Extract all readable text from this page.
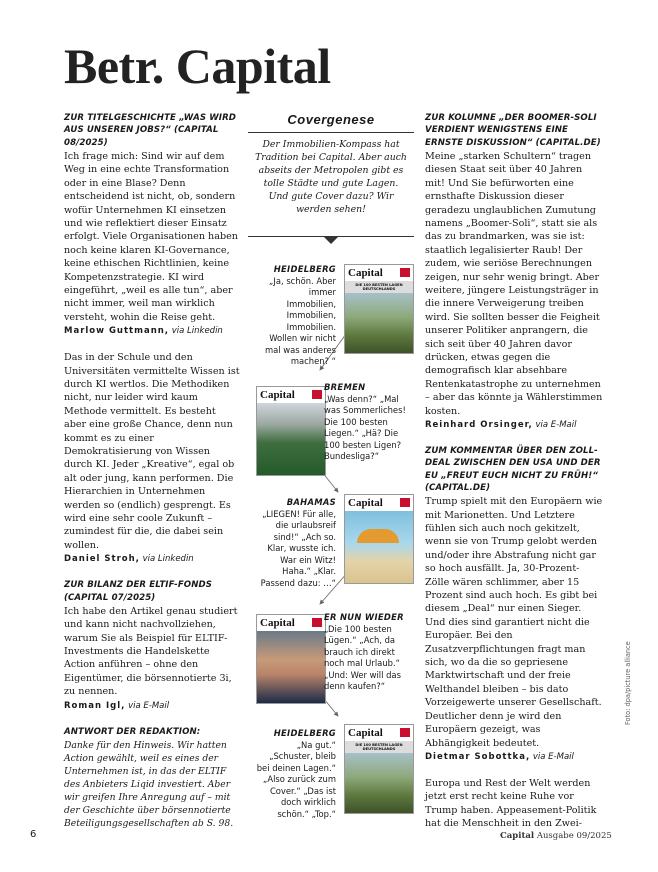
Betr. Capital

ZUR TITELGESCHICHTE „WAS WIRD AUS UNSEREN JOBS?“ (CAPITAL 08/2025)

Ich frage mich: Sind wir auf dem Weg in eine echte Transformation oder in eine Blase? Denn entscheidend ist nicht, ob, sondern wofür Unternehmen KI einsetzen und wie reflektiert dieser Einsatz erfolgt. Viele Organisationen haben noch keine klaren KI-Governance, keine ethischen Richtlinien, keine Kompetenzstrategie. KI wird eingeführt, „weil es alle tun“, aber nicht immer, weil man wirklich versteht, wohin die Reise geht.

Marlow Guttmann, via Linkedin

Das in der Schule und den Universitäten vermittelte Wissen ist durch KI wertlos. Die Methodiken nicht, nur leider wird kaum Methode vermittelt. Es besteht aber eine große Chance, denn nun kommt es zu einer Demokratisierung von Wissen durch KI. Jeder „Kreative“, egal ob alt oder jung, kann performen. Die Hierarchien in Unternehmen werden so (endlich) gesprengt. Es wird eine sehr coole Zukunft – zumindest für die, die dabei sein wollen.

Daniel Stroh, via Linkedin

ZUR BILANZ DER ELTIF-FONDS (CAPITAL 07/2025)

Ich habe den Artikel genau studiert und kann nicht nachvollziehen, warum Sie als Beispiel für ELTIF-Investments die Handelskette Action anführen – ohne den Eigentümer, die börsennotierte 3i, zu nennen.

Roman Igl, via E-Mail

ANTWORT DER REDAKTION:

Danke für den Hinweis. Wir hatten Action gewählt, weil es eines der Unternehmen ist, in das der ELTIF des Anbieters Liqid investiert. Aber wir greifen Ihre Anregung auf – mit der Geschichte über börsennotierte Beteiligungsgesellschaften ab S. 98.

Covergenese

Der Immobilien-Kompass hat Tradition bei Capital. Aber auch abseits der Metropolen gibt es tolle Städte und gute Lagen. Und gute Cover dazu? Wir werden sehen!

HEIDELBERG
„Ja, schön. Aber immer Immobilien, Immobilien, Immobilien. Wollen wir nicht mal was anderes machen? “
Capital
DIE 100 BESTEN LAGEN DEUTSCHLANDS
Capital
BREMEN
„Was denn?“ „Mal was Sommerliches! Die 100 besten Liegen.“ „Hä? Die 100 besten Ligen? Bundesliga?“
BAHAMAS
„LIEGEN! Für alle, die urlaubsreif sind!“ „Ach so. Klar, wusste ich. War ein Witz! Haha.“ „Klar. Passend dazu: …“
Capital
Capital	ER NUN WIEDER
„Die 100 besten Lügen.“ „Ach, da brauch ich direkt noch mal Urlaub.“ „Und: Wer will das denn kaufen?“
HEIDELBERG
„Na gut.“ „Schuster, bleib bei deinen Lagen.“ „Also zurück zum Cover.“ „Das ist doch wirklich schön.“ „Top.“
Capital
DIE 100 BESTEN LAGEN DEUTSCHLANDS

ZUR KOLUMNE „DER BOOMER-SOLI VERDIENT WENIGSTENS EINE ERNSTE DISKUSSION“ (CAPITAL.DE)

Meine „starken Schultern“ tragen diesen Staat seit über 40 Jahren mit! Und Sie befürworten eine ernsthafte Diskussion dieser geradezu unglaublichen Zumutung namens „Boomer-Soli“, statt sie als das zu brandmarken, was sie ist: staatlich legalisierter Raub! Der zudem, wie seriöse Berechnungen zeigen, nur sehr wenig bringt. Aber weitere, jüngere Leistungsträger in die innere Verweigerung treiben wird. Sie sollten besser die Feigheit unserer Politiker anprangern, die sich seit über 40 Jahren davor drücken, etwas gegen die demografisch klar absehbare Rentenkatastrophe zu unternehmen – aber das könnte ja Wählerstimmen kosten.

Reinhard Orsinger, via E-Mail

ZUM KOMMENTAR ÜBER DEN ZOLL-DEAL ZWISCHEN DEN USA UND DER EU „FREUT EUCH NICHT ZU FRÜH!“ (CAPITAL.DE)

Trump spielt mit den Europäern wie mit Marionetten. Und Letztere fühlen sich auch noch gekitzelt, wenn sie von Trump gelobt werden und/oder ihre Abstrafung nicht gar so hoch ausfällt. Ja, 30-Prozent-Zölle wären schlimmer, aber 15 Prozent sind auch hoch. Es gibt bei diesem „Deal“ nur einen Sieger. Und dies sind garantiert nicht die Europäer. Bei den Zusatzverpflichtungen fragt man sich, wo da die so gepriesene Marktwirtschaft und der freie Welthandel bleiben – bis dato Vorzeigewerte unserer Gesellschaft. Deutlicher denn je wird den Europäern gezeigt, was Abhängigkeit bedeutet.

Dietmar Sobottka, via E-Mail

Europa und Rest der Welt werden jetzt erst recht keine Ruhe vor Trump haben. Appeasement-Politik hat die Menschheit in den Zwei-

6	Capital Ausgabe 09/2025
Foto: dpa/picture alliance
